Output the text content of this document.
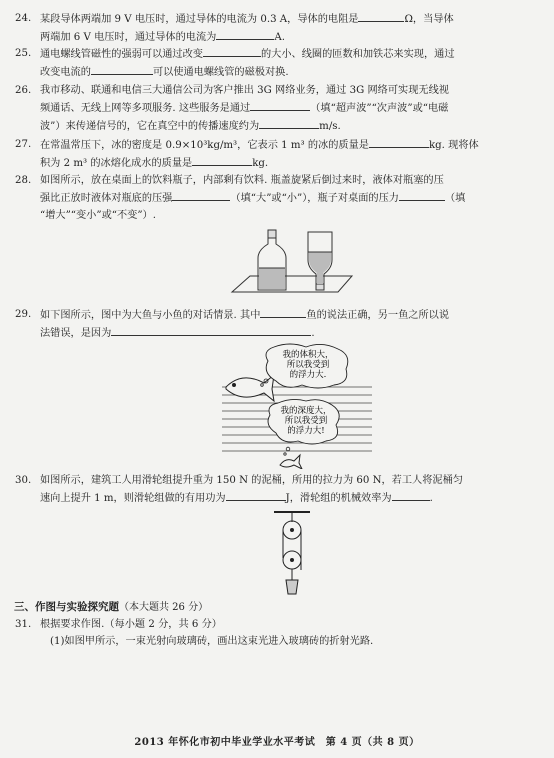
24. 某段导体两端加 9 V 电压时，通过导体的电流为 0.3 A，导体的电阻是	Ω，当导体
两端加 6 V 电压时，通过导体的电流为	A.
25. 通电螺线管磁性的强弱可以通过改变	的大小、线圈的匝数和加铁芯来实现，通过
改变电流的	可以使通电螺线管的磁极对换.
26. 我市移动、联通和电信三大通信公司为客户推出 3G 网络业务，通过 3G 网络可实现无线视
频通话、无线上网等多项服务. 这些服务是通过	（填“超声波”“次声波”或“电磁
波”）来传递信号的，它在真空中的传播速度约为	m/s.
27. 在常温常压下，冰的密度是 0.9×10³kg/m³，它表示 1 m³ 的冰的质量是	kg. 现将体
积为 2 m³ 的冰熔化成水的质量是	kg.
28. 如图所示，放在桌面上的饮料瓶子，内部剩有饮料. 瓶盖旋紧后倒过来时，液体对瓶塞的压
强比正放时液体对瓶底的压强	（填“大”或“小”），瓶子对桌面的压力	（填
“增大”“变小”或“不变”）.
29. 如下图所示，图中为大鱼与小鱼的对话情景. 其中	鱼的说法正确，另一鱼之所以说
法错误，是因为	.
我的体积大，
所以我受到
的浮力大.
我的深度大，
所以我受到
的浮力大!
30. 如图所示，建筑工人用滑轮组提升重为 150 N 的泥桶，所用的拉力为 60 N，若工人将泥桶匀
速向上提升 1 m，则滑轮组做的有用功为	J，滑轮组的机械效率为	.
三、作图与实验探究题（本大题共 26 分）
31. 根据要求作图.（每小题 2 分，共 6 分）
(1)如图甲所示，一束光射向玻璃砖，画出这束光进入玻璃砖的折射光路.
2013 年怀化市初中毕业学业水平考试　第 4 页（共 8 页）
